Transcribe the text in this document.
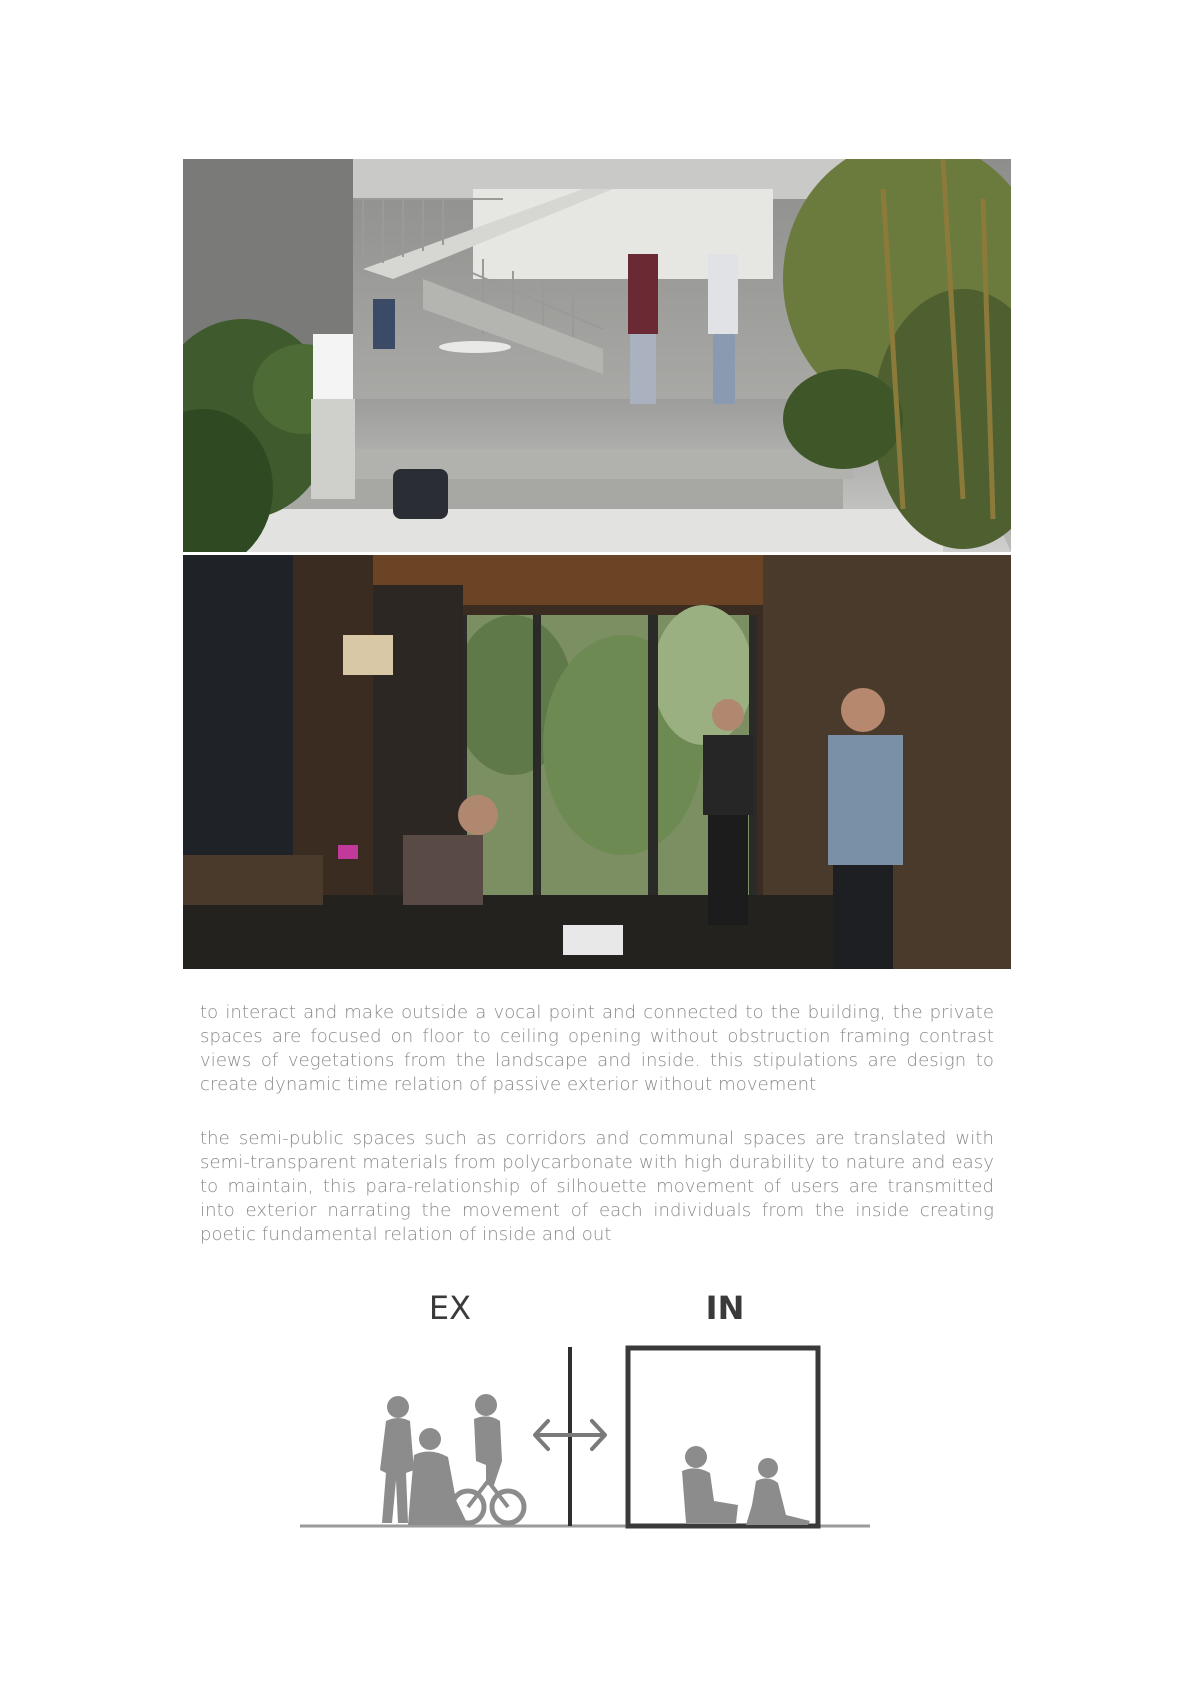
to interact and make outside a vocal point and connected to the building, the private spaces are focused on floor to ceiling opening without obstruction framing contrast views of vegetations from the landscape and inside. this stipulations are design to create dynamic time relation of passive exterior without movement

the semi-public spaces such as corridors and communal spaces are translated with semi-transparent materials from polycarbonate with high durability to nature and easy to maintain, this para-relationship of silhouette movement of users are transmitted into exterior narrating the movement of each individuals from the inside creating poetic fundamental relation of inside and out

EX	IN
